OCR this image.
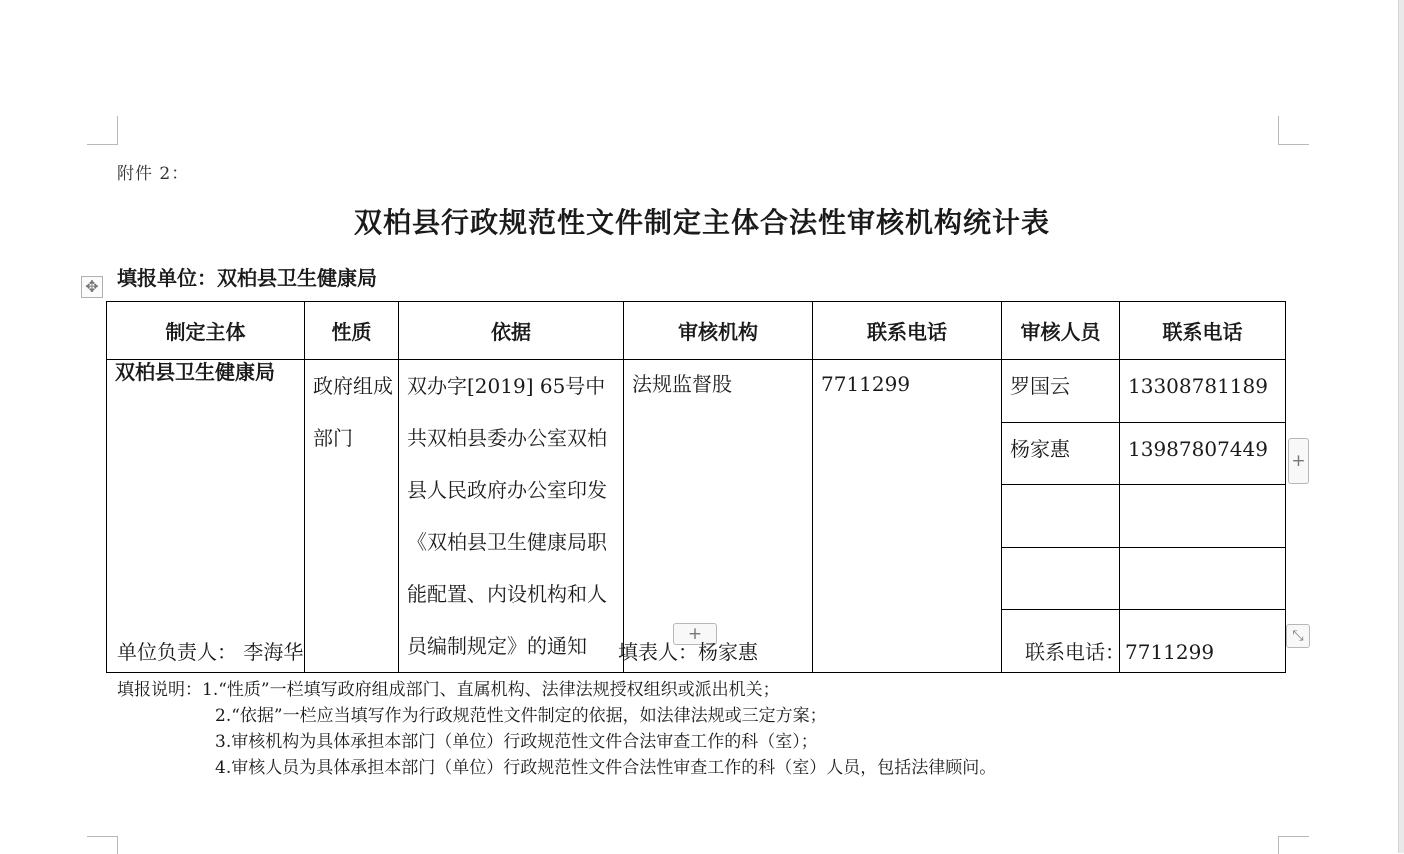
附件 2：
双柏县行政规范性文件制定主体合法性审核机构统计表
填报单位：双柏县卫生健康局
✥
制定主体	性质	依据	审核机构	联系电话	审核人员	联系电话
双柏县卫生健康局	政府组成部门	双办字[2019] 65号中共双柏县委办公室双柏县人民政府办公室印发《双柏县卫生健康局职能配置、内设机构和人员编制规定》的通知	法规监督股	7711299	罗国云	13308781189
					杨家惠	13987807449

+
+	⤡
单位负责人： 李海华	填表人：杨家惠	联系电话：7711299
填报说明：1.“性质”一栏填写政府组成部门、直属机构、法律法规授权组织或派出机关；
2.“依据”一栏应当填写作为行政规范性文件制定的依据，如法律法规或三定方案；
3.审核机构为具体承担本部门（单位）行政规范性文件合法审查工作的科（室）；
4.审核人员为具体承担本部门（单位）行政规范性文件合法性审查工作的科（室）人员，包括法律顾问。
